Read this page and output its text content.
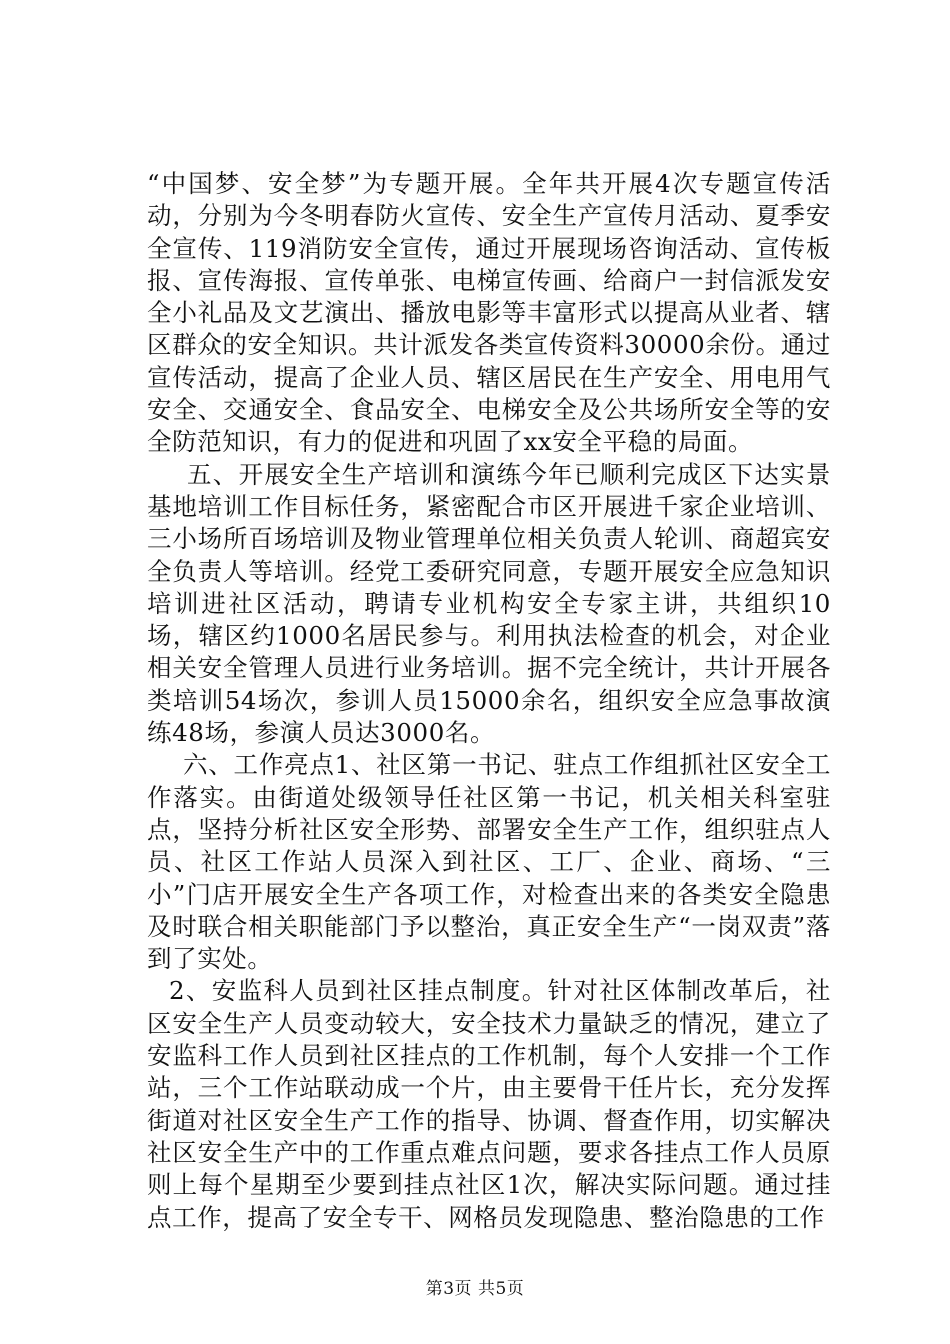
“中国梦、安全梦”为专题开展。全年共开展4次专题宣传活动，分别为今冬明春防火宣传、安全生产宣传月活动、夏季安全宣传、119消防安全宣传，通过开展现场咨询活动、宣传板报、宣传海报、宣传单张、电梯宣传画、给商户一封信派发安全小礼品及文艺演出、播放电影等丰富形式以提高从业者、辖区群众的安全知识。共计派发各类宣传资料30000余份。通过宣传活动，提高了企业人员、辖区居民在生产安全、用电用气安全、交通安全、食品安全、电梯安全及公共场所安全等的安全防范知识，有力的促进和巩固了xx安全平稳的局面。

五、开展安全生产培训和演练今年已顺利完成区下达实景基地培训工作目标任务，紧密配合市区开展进千家企业培训、三小场所百场培训及物业管理单位相关负责人轮训、商超宾安全负责人等培训。经党工委研究同意，专题开展安全应急知识培训进社区活动，聘请专业机构安全专家主讲，共组织10场，辖区约1000名居民参与。利用执法检查的机会，对企业相关安全管理人员进行业务培训。据不完全统计，共计开展各类培训54场次，参训人员15000余名，组织安全应急事故演练48场，参演人员达3000名。

六、工作亮点1、社区第一书记、驻点工作组抓社区安全工作落实。由街道处级领导任社区第一书记，机关相关科室驻点，坚持分析社区安全形势、部署安全生产工作，组织驻点人员、社区工作站人员深入到社区、工厂、企业、商场、“三小”门店开展安全生产各项工作，对检查出来的各类安全隐患及时联合相关职能部门予以整治，真正安全生产“一岗双责”落到了实处。

2、安监科人员到社区挂点制度。针对社区体制改革后，社区安全生产人员变动较大，安全技术力量缺乏的情况，建立了安监科工作人员到社区挂点的工作机制，每个人安排一个工作站，三个工作站联动成一个片，由主要骨干任片长，充分发挥街道对社区安全生产工作的指导、协调、督查作用，切实解决社区安全生产中的工作重点难点问题，要求各挂点工作人员原则上每个星期至少要到挂点社区1次，解决实际问题。通过挂点工作，提高了安全专干、网格员发现隐患、整治隐患的工作

第3页 共5页
